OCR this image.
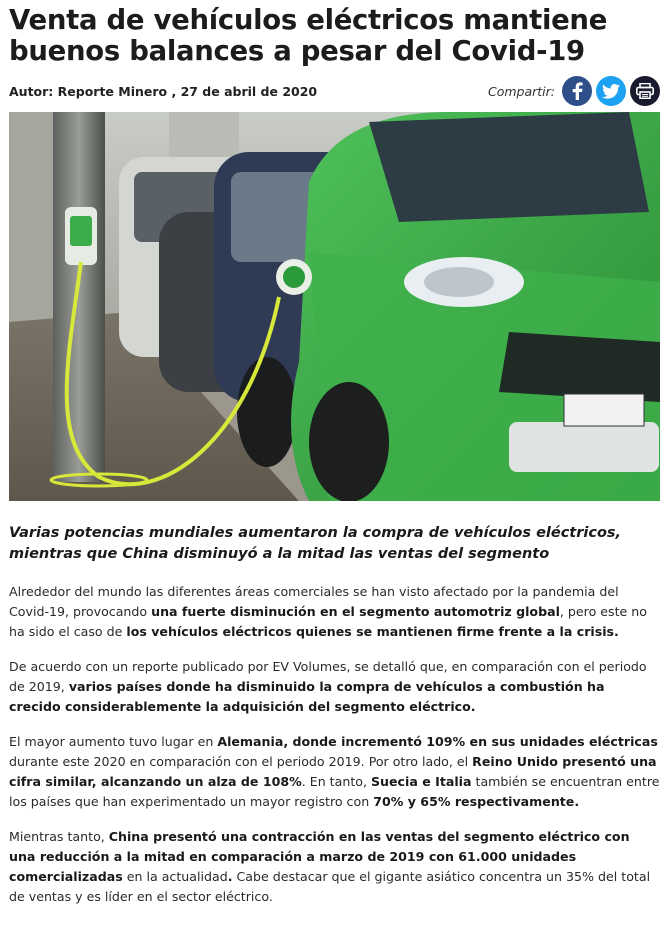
Venta de vehículos eléctricos mantiene buenos balances a pesar del Covid-19
Autor: Reporte Minero , 27 de abril de 2020	Compartir:

Varias potencias mundiales aumentaron la compra de vehículos eléctricos, mientras que China disminuyó a la mitad las ventas del segmento

Alrededor del mundo las diferentes áreas comerciales se han visto afectado por la pandemia del Covid-19, provocando una fuerte disminución en el segmento automotriz global, pero este no ha sido el caso de los vehículos eléctricos quienes se mantienen firme frente a la crisis.

De acuerdo con un reporte publicado por EV Volumes, se detalló que, en comparación con el periodo de 2019, varios países donde ha disminuido la compra de vehículos a combustión ha crecido considerablemente la adquisición del segmento eléctrico.

El mayor aumento tuvo lugar en Alemania, donde incrementó 109% en sus unidades eléctricas durante este 2020 en comparación con el periodo 2019. Por otro lado, el Reino Unido presentó una cifra similar, alcanzando un alza de 108%. En tanto, Suecia e Italia también se encuentran entre los países que han experimentado un mayor registro con 70% y 65% respectivamente.

Mientras tanto, China presentó una contracción en las ventas del segmento eléctrico con una reducción a la mitad en comparación a marzo de 2019 con 61.000 unidades comercializadas en la actualidad. Cabe destacar que el gigante asiático concentra un 35% del total de ventas y es líder en el sector eléctrico.
